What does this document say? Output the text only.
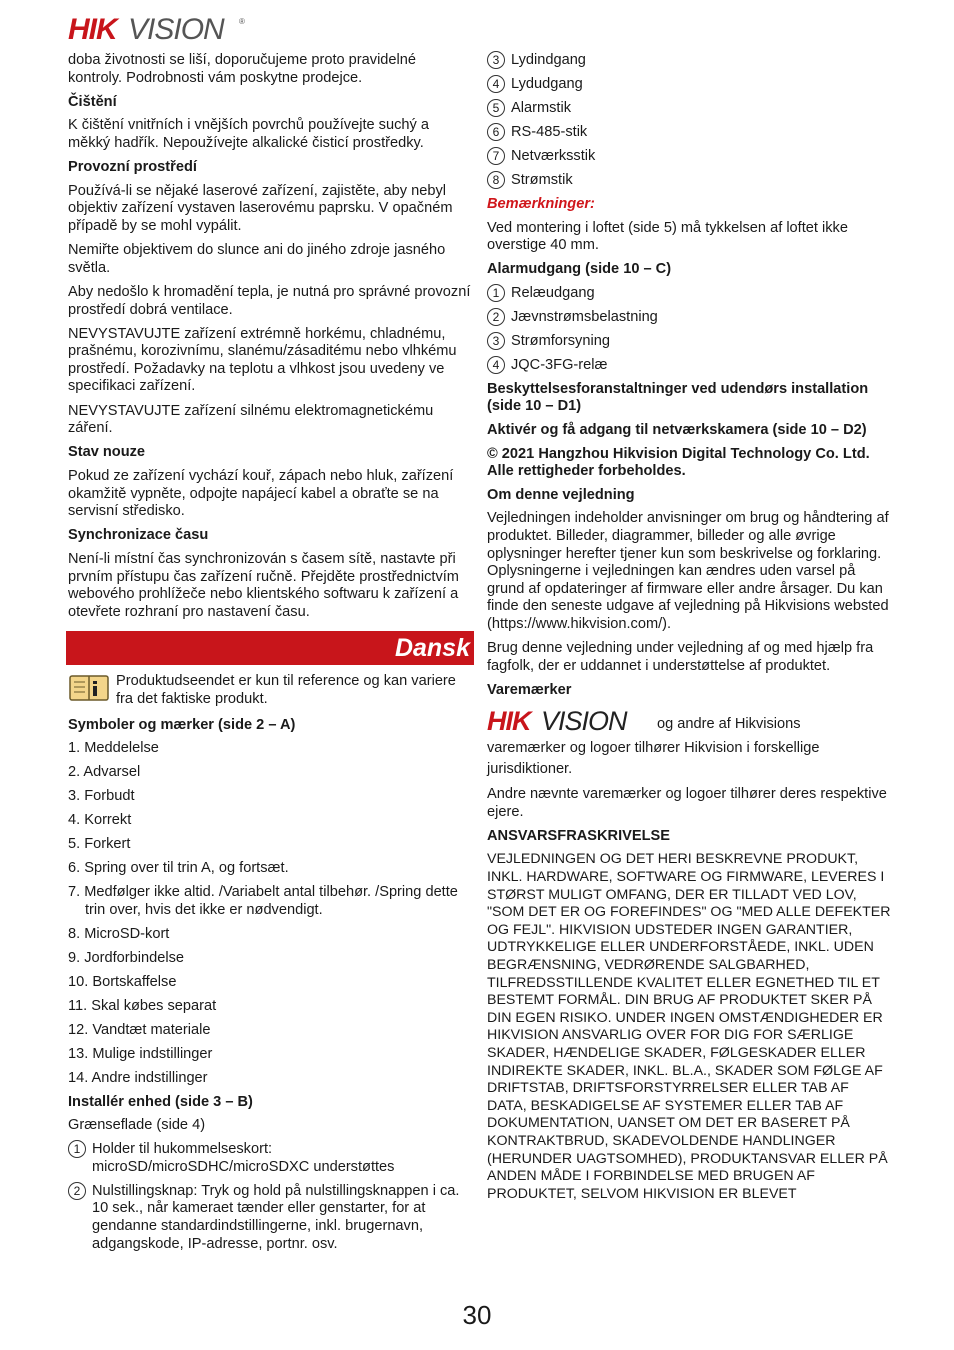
HIK VISION ®

doba životnosti se liší, doporučujeme proto pravidelné kontroly. Podrobnosti vám poskytne prodejce.

Čištění

K čištění vnitřních i vnějších povrchů používejte suchý a měkký hadřík. Nepoužívejte alkalické čisticí prostředky.

Provozní prostředí

Používá-li se nějaké laserové zařízení, zajistěte, aby nebyl objektiv zařízení vystaven laserovému paprsku. V opačném případě by se mohl vypálit.

Nemiřte objektivem do slunce ani do jiného zdroje jasného světla.

Aby nedošlo k hromadění tepla, je nutná pro správné provozní prostředí dobrá ventilace.

NEVYSTAVUJTE zařízení extrémně horkému, chladnému, prašnému, korozivnímu, slanému/zásaditému nebo vlhkému prostředí. Požadavky na teplotu a vlhkost jsou uvedeny ve specifikaci zařízení.

NEVYSTAVUJTE zařízení silnému elektromagnetickému záření.

Stav nouze

Pokud ze zařízení vychází kouř, zápach nebo hluk, zařízení okamžitě vypněte, odpojte napájecí kabel a obraťte se na servisní středisko.

Synchronizace času

Není-li místní čas synchronizován s časem sítě, nastavte při prvním přístupu čas zařízení ručně. Přejděte prostřednictvím webového prohlížeče nebo klientského softwaru k zařízení a otevřete rozhraní pro nastavení času.

Dansk
Produktudseendet er kun til reference og kan variere fra det faktiske produkt.

Symboler og mærker (side 2 – A)

1. Meddelelse

2. Advarsel

3. Forbudt

4. Korrekt

5. Forkert

6. Spring over til trin A, og fortsæt.

7. Medfølger ikke altid. /Variabelt antal tilbehør. /Spring dette trin over, hvis det ikke er nødvendigt.

8. MicroSD-kort

9. Jordforbindelse

10. Bortskaffelse

11. Skal købes separat

12. Vandtæt materiale

13. Mulige indstillinger

14. Andre indstillinger

Installér enhed (side 3 – B)

Grænseflade (side 4)

1 Holder til hukommelseskort: microSD/microSDHC/microSDXC understøttes
2 Nulstillingsknap: Tryk og hold på nulstillingsknappen i ca. 10 sek., når kameraet tænder eller genstarter, for at gendanne standardindstillingerne, inkl. brugernavn, adgangskode, IP-adresse, portnr. osv.
3 Lydindgang
4 Lydudgang
5 Alarmstik
6 RS-485-stik
7 Netværksstik
8 Strømstik

Bemærkninger:

Ved montering i loftet (side 5) må tykkelsen af loftet ikke overstige 40 mm.

Alarmudgang (side 10 – C)

1 Relæudgang
2 Jævnstrømsbelastning
3 Strømforsyning
4 JQC-3FG-relæ

Beskyttelsesforanstaltninger ved udendørs installation (side 10 – D1)

Aktivér og få adgang til netværkskamera (side 10 – D2)

© 2021 Hangzhou Hikvision Digital Technology Co. Ltd. Alle rettigheder forbeholdes.

Om denne vejledning

Vejledningen indeholder anvisninger om brug og håndtering af produktet. Billeder, diagrammer, billeder og alle øvrige oplysninger herefter tjener kun som beskrivelse og forklaring. Oplysningerne i vejledningen kan ændres uden varsel på grund af opdateringer af firmware eller andre årsager. Du kan finde den seneste udgave af vejledning på Hikvisions websted (https://www.hikvision.com/).

Brug denne vejledning under vejledning af og med hjælp fra fagfolk, der er uddannet i understøttelse af produktet.

Varemærker

HIK VISION og andre af Hikvisions

varemærker og logoer tilhører Hikvision i forskellige jurisdiktioner.

Andre nævnte varemærker og logoer tilhører deres respektive ejere.

ANSVARSFRASKRIVELSE

VEJLEDNINGEN OG DET HERI BESKREVNE PRODUKT, INKL. HARDWARE, SOFTWARE OG FIRMWARE, LEVERES I STØRST MULIGT OMFANG, DER ER TILLADT VED LOV, "SOM DET ER OG FOREFINDES" OG "MED ALLE DEFEKTER OG FEJL". HIKVISION UDSTEDER INGEN GARANTIER, UDTRYKKELIGE ELLER UNDERFORSTÅEDE, INKL. UDEN BEGRÆNSNING, VEDRØRENDE SALGBARHED, TILFREDSSTILLENDE KVALITET ELLER EGNETHED TIL ET BESTEMT FORMÅL. DIN BRUG AF PRODUKTET SKER PÅ DIN EGEN RISIKO. UNDER INGEN OMSTÆNDIGHEDER ER HIKVISION ANSVARLIG OVER FOR DIG FOR SÆRLIGE SKADER, HÆNDELIGE SKADER, FØLGESKADER ELLER INDIREKTE SKADER, INKL. BL.A., SKADER SOM FØLGE AF DRIFTSTAB, DRIFTSFORSTYRRELSER ELLER TAB AF DATA, BESKADIGELSE AF SYSTEMER ELLER TAB AF DOKUMENTATION, UANSET OM DET ER BASERET PÅ KONTRAKTBRUD, SKADEVOLDENDE HANDLINGER (HERUNDER UAGTSOMHED), PRODUKTANSVAR ELLER PÅ ANDEN MÅDE I FORBINDELSE MED BRUGEN AF PRODUKTET, SELVOM HIKVISION ER BLEVET

30
